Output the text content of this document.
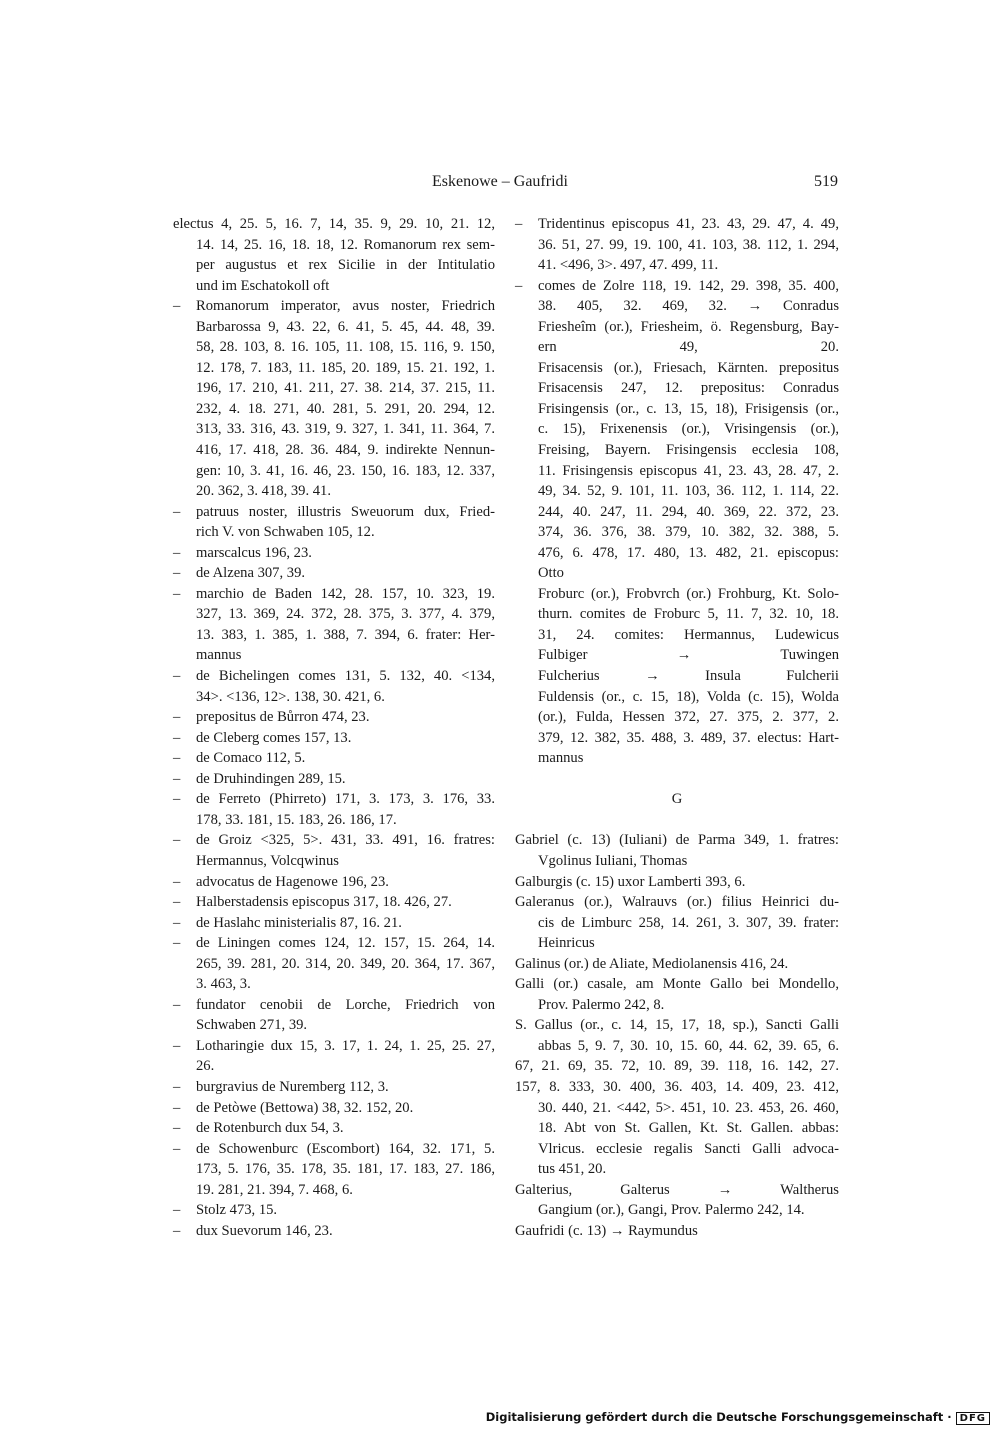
Eskenowe – Gaufridi	519
electus 4, 25. 5, 16. 7, 14, 35. 9, 29. 10, 21. 12,
14. 14, 25. 16, 18. 18, 12. Romanorum rex sem-
per augustus et rex Sicilie in der Intitulatio
und im Eschatokoll oft
– Romanorum imperator, avus noster, Friedrich
Barbarossa 9, 43. 22, 6. 41, 5. 45, 44. 48, 39.
58, 28. 103, 8. 16. 105, 11. 108, 15. 116, 9. 150,
12. 178, 7. 183, 11. 185, 20. 189, 15. 21. 192, 1.
196, 17. 210, 41. 211, 27. 38. 214, 37. 215, 11.
232, 4. 18. 271, 40. 281, 5. 291, 20. 294, 12.
313, 33. 316, 43. 319, 9. 327, 1. 341, 11. 364, 7.
416, 17. 418, 28. 36. 484, 9. indirekte Nennun-
gen: 10, 3. 41, 16. 46, 23. 150, 16. 183, 12. 337,
20. 362, 3. 418, 39. 41.
– patruus noster, illustris Sweuorum dux, Fried-
rich V. von Schwaben 105, 12.
– marscalcus 196, 23.
– de Alzena 307, 39.
– marchio de Baden 142, 28. 157, 10. 323, 19.
327, 13. 369, 24. 372, 28. 375, 3. 377, 4. 379,
13. 383, 1. 385, 1. 388, 7. 394, 6. frater: Her-
mannus
– de Bichelingen comes 131, 5. 132, 40. <134,
34>. <136, 12>. 138, 30. 421, 6.
– prepositus de Bůrron 474, 23.
– de Cleberg comes 157, 13.
– de Comaco 112, 5.
– de Druhindingen 289, 15.
– de Ferreto (Phirreto) 171, 3. 173, 3. 176, 33.
178, 33. 181, 15. 183, 26. 186, 17.
– de Groiz <325, 5>. 431, 33. 491, 16. fratres:
Hermannus, Volcqwinus
– advocatus de Hagenowe 196, 23.
– Halberstadensis episcopus 317, 18. 426, 27.
– de Haslahc ministerialis 87, 16. 21.
– de Liningen comes 124, 12. 157, 15. 264, 14.
265, 39. 281, 20. 314, 20. 349, 20. 364, 17. 367,
3. 463, 3.
– fundator cenobii de Lorche, Friedrich von
Schwaben 271, 39.
– Lotharingie dux 15, 3. 17, 1. 24, 1. 25, 25. 27,
26.
– burgravius de Nuremberg 112, 3.
– de Petòwe (Bettowa) 38, 32. 152, 20.
– de Rotenburch dux 54, 3.
– de Schowenburc (Escombort) 164, 32. 171, 5.
173, 5. 176, 35. 178, 35. 181, 17. 183, 27. 186,
19. 281, 21. 394, 7. 468, 6.
– Stolz 473, 15.
– dux Suevorum 146, 23.
– Tridentinus episcopus 41, 23. 43, 29. 47, 4. 49,
36. 51, 27. 99, 19. 100, 41. 103, 38. 112, 1. 294,
41. <496, 3>. 497, 47. 499, 11.
– comes de Zolre 118, 19. 142, 29. 398, 35. 400,
38. 405, 32. 469, 32. → Conradus
Friesheîm (or.), Friesheim, ö. Regensburg, Bay-
ern 49, 20.
Frisacensis (or.), Friesach, Kärnten. prepositus
Frisacensis 247, 12. prepositus: Conradus
Frisingensis (or., c. 13, 15, 18), Frisigensis (or.,
c. 15), Frixenensis (or.), Vrisingensis (or.),
Freising, Bayern. Frisingensis ecclesia 108,
11. Frisingensis episcopus 41, 23. 43, 28. 47, 2.
49, 34. 52, 9. 101, 11. 103, 36. 112, 1. 114, 22.
244, 40. 247, 11. 294, 40. 369, 22. 372, 23.
374, 36. 376, 38. 379, 10. 382, 32. 388, 5.
476, 6. 478, 17. 480, 13. 482, 21. episcopus:
Otto
Froburc (or.), Frobvrch (or.) Frohburg, Kt. Solo-
thurn. comites de Froburc 5, 11. 7, 32. 10, 18.
31, 24. comites: Hermannus, Ludewicus
Fulbiger → Tuwingen
Fulcherius → Insula Fulcherii
Fuldensis (or., c. 15, 18), Volda (c. 15), Wolda
(or.), Fulda, Hessen 372, 27. 375, 2. 377, 2.
379, 12. 382, 35. 488, 3. 489, 37. electus: Hart-
mannus
G
Gabriel (c. 13) (Iuliani) de Parma 349, 1. fratres:
Vgolinus Iuliani, Thomas
Galburgis (c. 15) uxor Lamberti 393, 6.
Galeranus (or.), Walrauvs (or.) filius Heinrici du-
cis de Limburc 258, 14. 261, 3. 307, 39. frater:
Heinricus
Galinus (or.) de Aliate, Mediolanensis 416, 24.
Galli (or.) casale, am Monte Gallo bei Mondello,
Prov. Palermo 242, 8.
S. Gallus (or., c. 14, 15, 17, 18, sp.), Sancti Galli
abbas 5, 9. 7, 30. 10, 15. 60, 44. 62, 39. 65, 6.
67, 21. 69, 35. 72, 10. 89, 39. 118, 16. 142, 27.
157, 8. 333, 30. 400, 36. 403, 14. 409, 23. 412,
30. 440, 21. <442, 5>. 451, 10. 23. 453, 26. 460,
18. Abt von St. Gallen, Kt. St. Gallen. abbas:
Vlricus. ecclesie regalis Sancti Galli advoca-
tus 451, 20.
Galterius, Galterus → Waltherus
Gangium (or.), Gangi, Prov. Palermo 242, 14.
Gaufridi (c. 13) → Raymundus
Digitalisierung gefördert durch die Deutsche Forschungsgemeinschaft · DFG
